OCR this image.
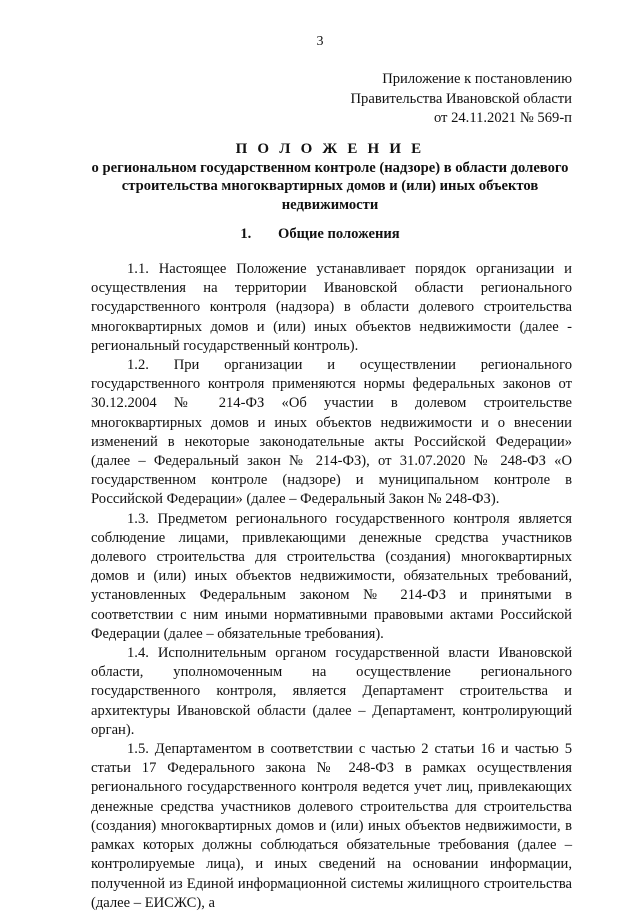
3
Приложение к постановлению
Правительства Ивановской области
от 24.11.2021 № 569-п
П О Л О Ж Е Н И Е
о региональном государственном контроле (надзоре) в области долевого строительства многоквартирных домов и (или) иных объектов недвижимости
1. Общие положения

1.1. Настоящее Положение устанавливает порядок организации и осуществления на территории Ивановской области регионального государственного контроля (надзора) в области долевого строительства многоквартирных домов и (или) иных объектов недвижимости (далее - региональный государственный контроль).

1.2. При организации и осуществлении регионального государственного контроля применяются нормы федеральных законов от 30.12.2004 № 214-ФЗ «Об участии в долевом строительстве многоквартирных домов и иных объектов недвижимости и о внесении изменений в некоторые законодательные акты Российской Федерации» (далее – Федеральный закон № 214-ФЗ), от 31.07.2020 № 248-ФЗ «О государственном контроле (надзоре) и муниципальном контроле в Российской Федерации» (далее – Федеральный Закон № 248-ФЗ).

1.3. Предметом регионального государственного контроля является соблюдение лицами, привлекающими денежные средства участников долевого строительства для строительства (создания) многоквартирных домов и (или) иных объектов недвижимости, обязательных требований, установленных Федеральным законом № 214-ФЗ и принятыми в соответствии с ним иными нормативными правовыми актами Российской Федерации (далее – обязательные требования).

1.4. Исполнительным органом государственной власти Ивановской области, уполномоченным на осуществление регионального государственного контроля, является Департамент строительства и архитектуры Ивановской области (далее – Департамент, контролирующий орган).

1.5. Департаментом в соответствии с частью 2 статьи 16 и частью 5 статьи 17 Федерального закона № 248-ФЗ в рамках осуществления регионального государственного контроля ведется учет лиц, привлекающих денежные средства участников долевого строительства для строительства (создания) многоквартирных домов и (или) иных объектов недвижимости, в рамках которых должны соблюдаться обязательные требования (далее – контролируемые лица), и иных сведений на основании информации, полученной из Единой информационной системы жилищного строительства (далее – ЕИСЖС), а
